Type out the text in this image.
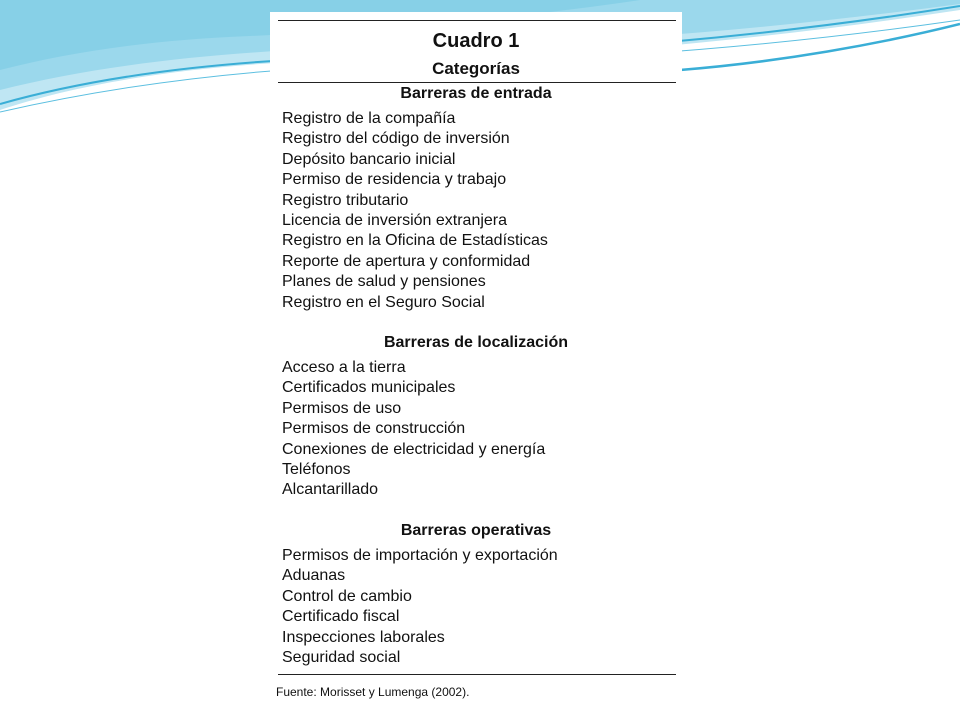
Cuadro 1
Categorías
Barreras de entrada
Registro de la compañía
Registro del código de inversión
Depósito bancario inicial
Permiso de residencia y trabajo
Registro tributario
Licencia de inversión extranjera
Registro en la Oficina de Estadísticas
Reporte de apertura y conformidad
Planes de salud y pensiones
Registro en el Seguro Social
Barreras de localización
Acceso a la tierra
Certificados municipales
Permisos de uso
Permisos de construcción
Conexiones de electricidad y energía
Teléfonos
Alcantarillado
Barreras operativas
Permisos de importación y exportación
Aduanas
Control de cambio
Certificado fiscal
Inspecciones laborales
Seguridad social
Fuente: Morisset y Lumenga (2002).
